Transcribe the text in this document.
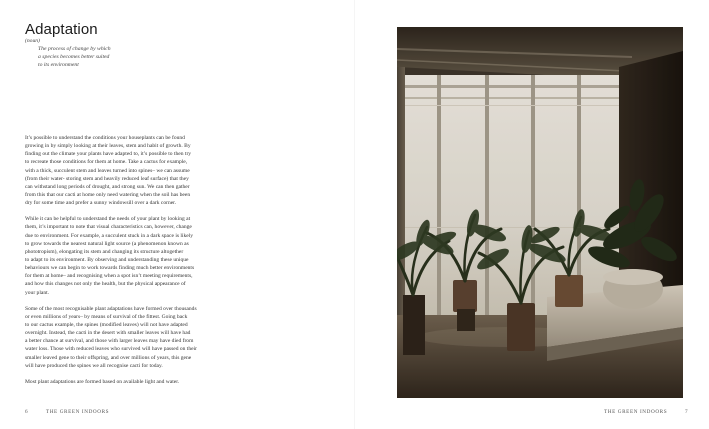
Adaptation
(noun)
The process of change by which
a species becomes better suited
to its environment

It’s possible to understand the conditions your houseplants can be found
growing in by simply looking at their leaves, stem and habit of growth. By
finding out the climate your plants have adapted to, it’s possible to then try
to recreate those conditions for them at home. Take a cactus for example,
with a thick, succulent stem and leaves turned into spines– we can assume
(from their water- storing stem and heavily reduced leaf surface) that they
can withstand long periods of drought, and strong sun. We can then gather
from this that our cacti at home only need watering when the soil has been
dry for some time and prefer a sunny windowsill over a dark corner.

While it can be helpful to understand the needs of your plant by looking at
them, it’s important to note that visual characteristics can, however, change
due to environment. For example, a succulent stuck in a dark space is likely
to grow towards the nearest natural light source (a phenomenon known as
phototropism), elongating its stem and changing its structure altogether
to adapt to its environment. By observing and understanding these unique
behaviours we can begin to work towards finding much better environments
for them at home– and recognising when a spot isn’t meeting requirements,
and how this changes not only the health, but the physical appearance of
your plant.

Some of the most recognisable plant adaptations have formed over thousands
or even millions of years– by means of survival of the fittest. Going back
to our cactus example, the spines (modified leaves) will not have adapted
overnight. Instead, the cacti in the desert with smaller leaves will have had
a better chance at survival, and those with larger leaves may have died from
water loss. Those with reduced leaves who survived will have passed on their
smaller leaved gene to their offspring, and over millions of years, this gene
will have produced the spines we all recognise cacti for today.

Most plant adaptations are formed based on available light and water.

6	THE GREEN INDOORS	THE GREEN INDOORS	7
